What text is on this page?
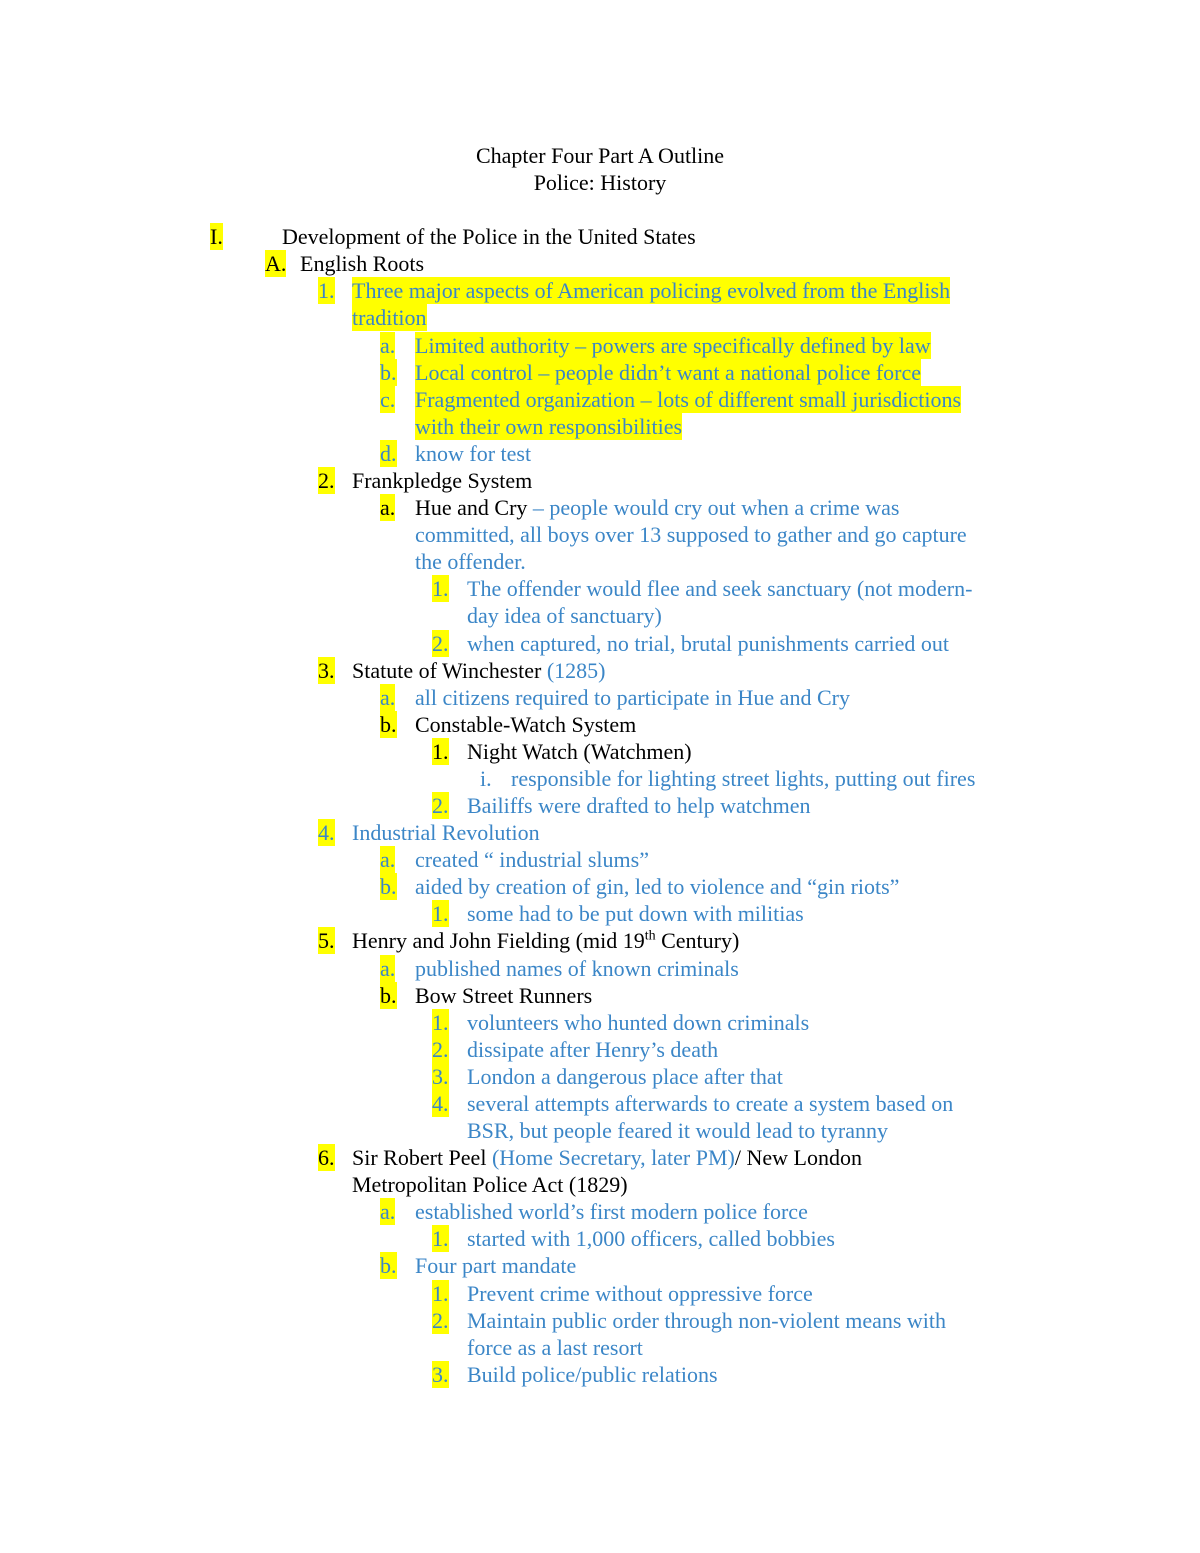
Chapter Four Part A Outline
Police: History
I.	Development of the Police in the United States
A. English Roots
1. Three major aspects of American policing evolved from the English
tradition
a. Limited authority – powers are specifically defined by law
b. Local control – people didn’t want a national police force
c. Fragmented organization – lots of different small jurisdictions
with their own responsibilities
d. know for test
2. Frankpledge System
a. Hue and Cry – people would cry out when a crime was
committed, all boys over 13 supposed to gather and go capture
the offender.
1. The offender would flee and seek sanctuary (not modern-
day idea of sanctuary)
2. when captured, no trial, brutal punishments carried out
3. Statute of Winchester (1285)
a. all citizens required to participate in Hue and Cry
b. Constable-Watch System
1. Night Watch (Watchmen)
i. responsible for lighting street lights, putting out fires
2. Bailiffs were drafted to help watchmen
4. Industrial Revolution
a. created “ industrial slums”
b. aided by creation of gin, led to violence and “gin riots”
1. some had to be put down with militias
5. Henry and John Fielding (mid 19th Century)
a. published names of known criminals
b. Bow Street Runners
1. volunteers who hunted down criminals
2. dissipate after Henry’s death
3. London a dangerous place after that
4. several attempts afterwards to create a system based on
BSR, but people feared it would lead to tyranny
6. Sir Robert Peel (Home Secretary, later PM)/ New London
Metropolitan Police Act (1829)
a. established world’s first modern police force
1. started with 1,000 officers, called bobbies
b. Four part mandate
1. Prevent crime without oppressive force
2. Maintain public order through non-violent means with
force as a last resort
3. Build police/public relations
